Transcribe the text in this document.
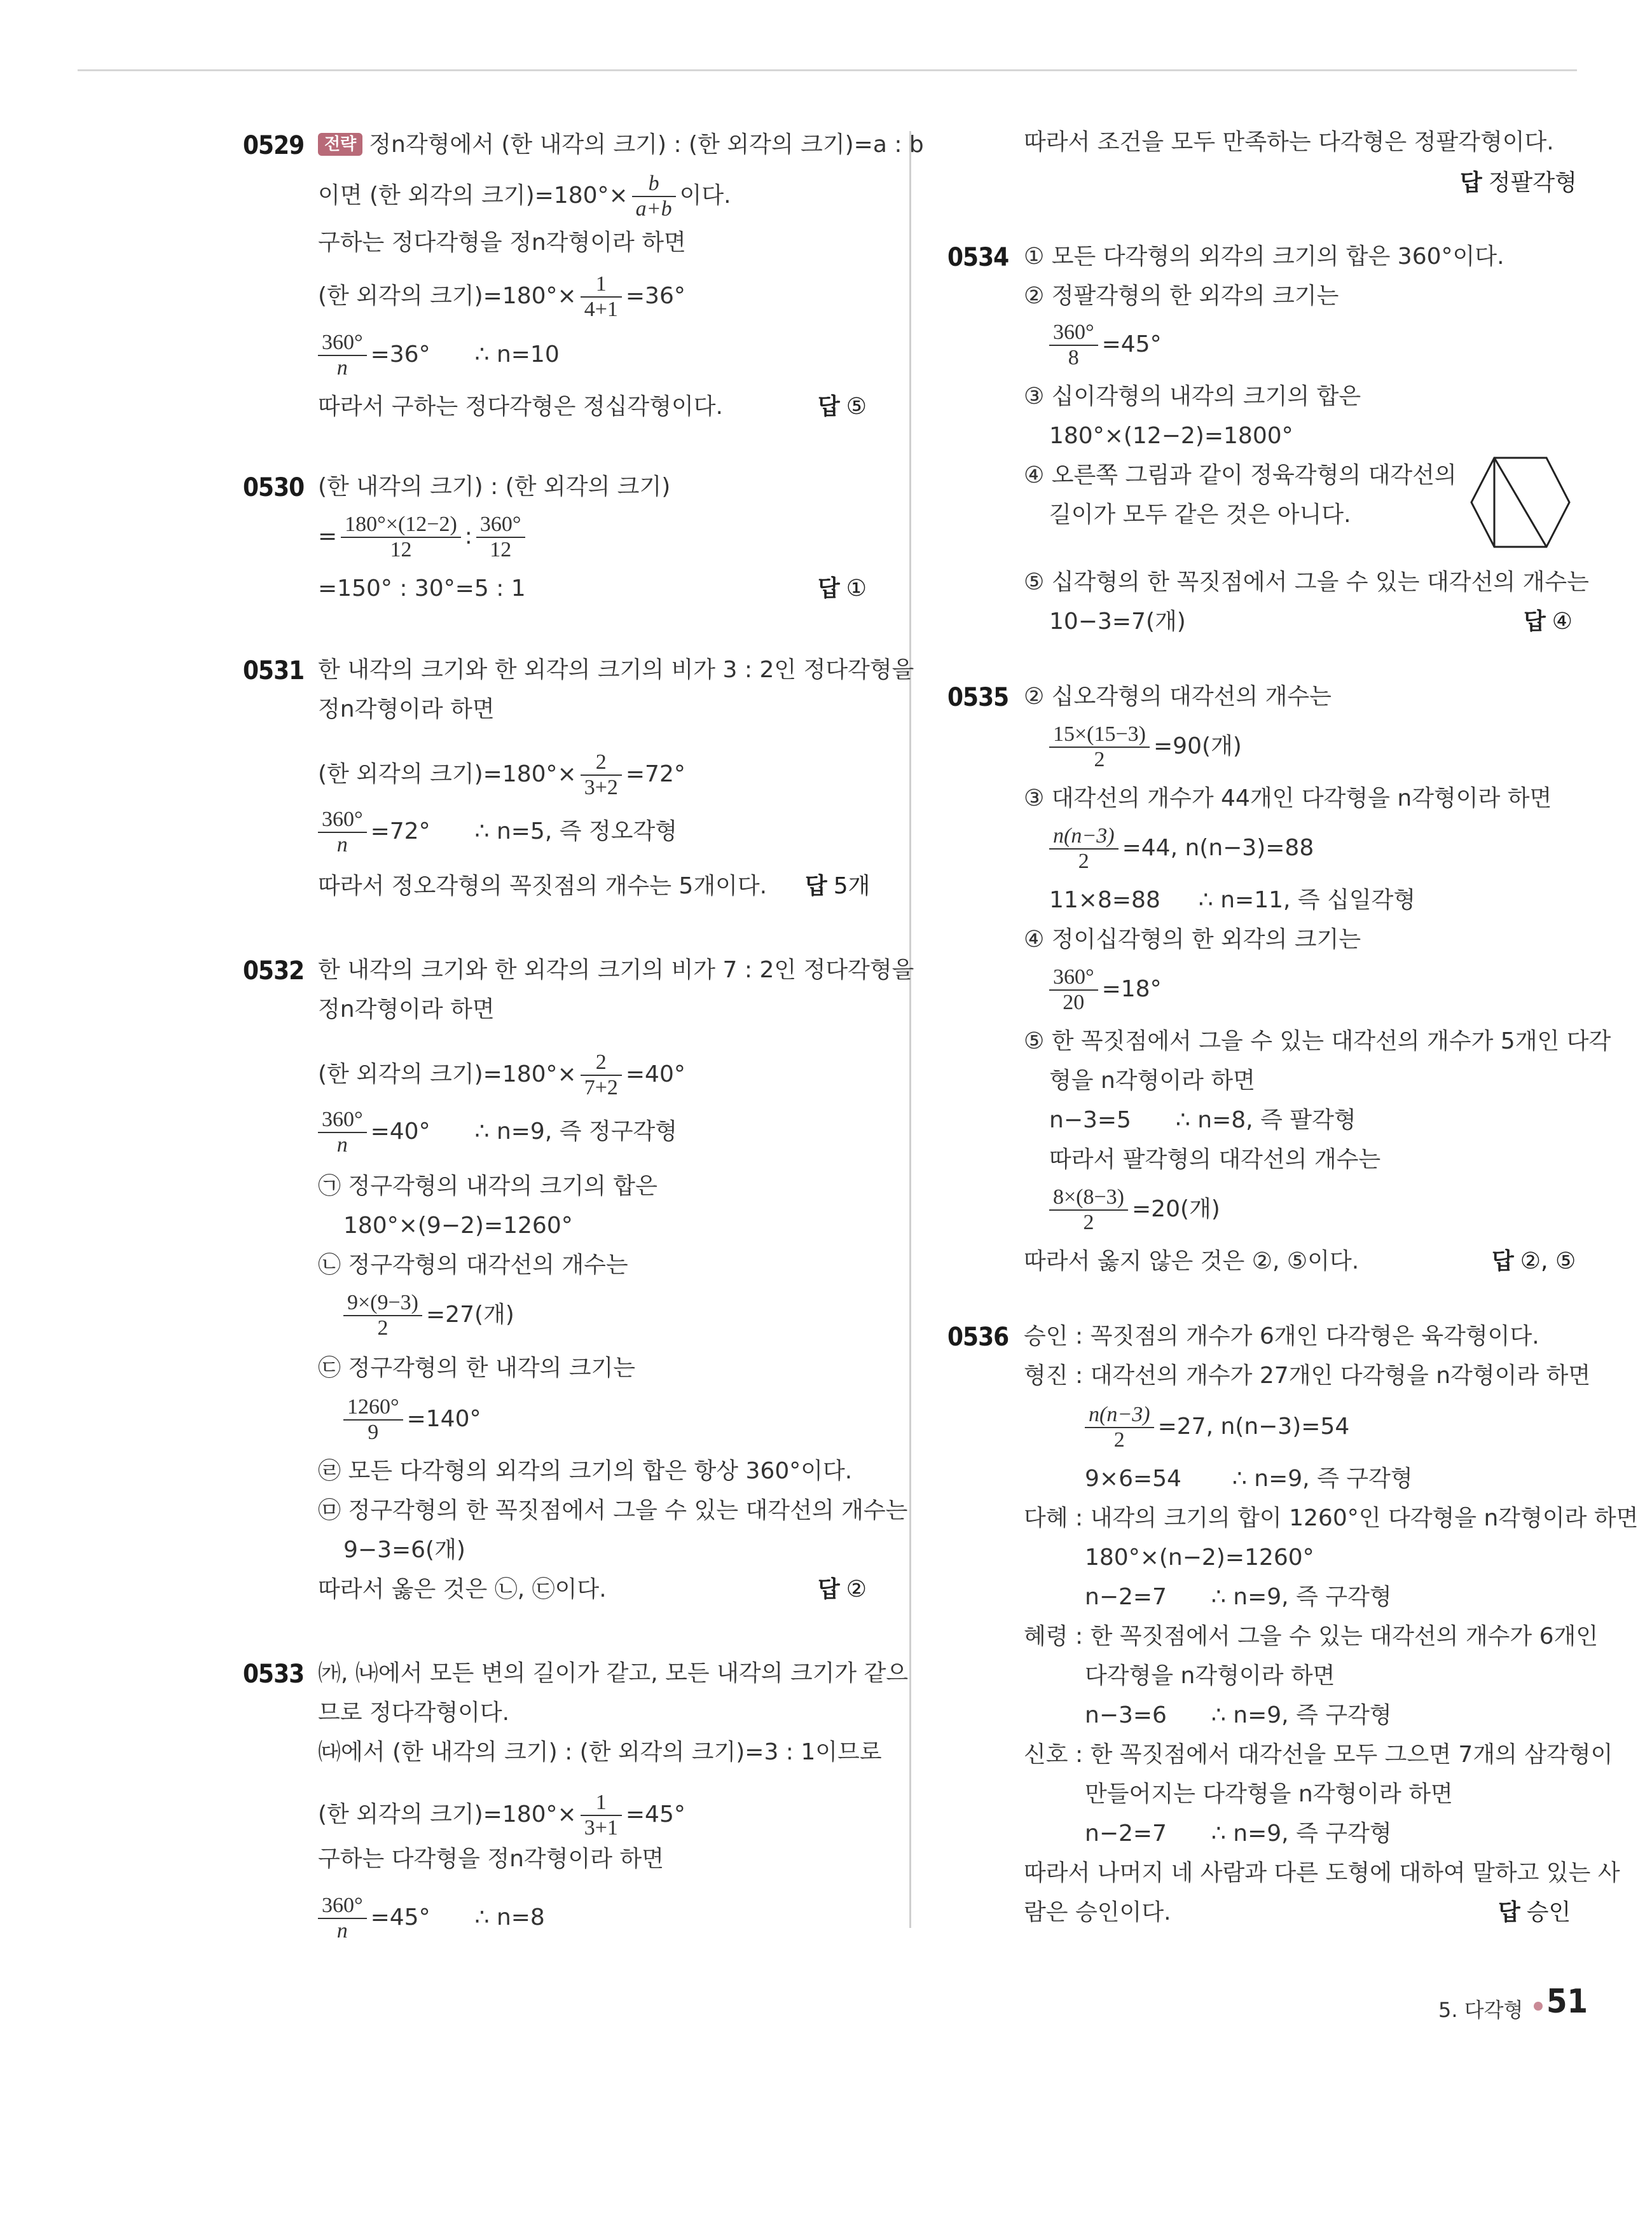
0529	전략 정n각형에서 (한 내각의 크기) : (한 외각의 크기)=a : b
이면 (한 외각의 크기)$=180^\circ\times \frac{b}{a+b}$ 이다.
구하는 정다각형을 정n각형이라 하면
(한 외각의 크기)$=180^\circ\times \frac{1}{4+1} =36^\circ$
$\frac{360^\circ}{n} =36^\circ$ ∴ n=10
따라서 구하는 정다각형은 정십각형이다.	답 ⑤
0530 (한 내각의 크기) : (한 외각의 크기)
= $\frac{180^\circ\times(12-2)}{12}$ : $\frac{360^\circ}{12}$
=150° : 30°=5 : 1	답 ①
0531 한 내각의 크기와 한 외각의 크기의 비가 3 : 2인 정다각형을
정n각형이라 하면
(한 외각의 크기)$=180^\circ\times \frac{2}{3+2} =72^\circ$
$\frac{360^\circ}{n} =72^\circ$ ∴ n=5, 즉 정오각형
따라서 정오각형의 꼭짓점의 개수는 5개이다. 답 5개
0532 한 내각의 크기와 한 외각의 크기의 비가 7 : 2인 정다각형을
정n각형이라 하면
(한 외각의 크기)$=180^\circ\times \frac{2}{7+2} =40^\circ$
$\frac{360^\circ}{n} =40^\circ$ ∴ n=9, 즉 정구각형
㉠ 정구각형의 내각의 크기의 합은
180°×(9−2)=1260°
㉡ 정구각형의 대각선의 개수는
$\frac{9\times(9-3)}{2} =27$(개)
㉢ 정구각형의 한 내각의 크기는
$\frac{1260^\circ}{9} =140^\circ$
㉣ 모든 다각형의 외각의 크기의 합은 항상 360°이다.
㉤ 정구각형의 한 꼭짓점에서 그을 수 있는 대각선의 개수는
9−3=6(개)
따라서 옳은 것은 ㉡, ㉢이다.	답 ②
0533 ㈎, ㈏에서 모든 변의 길이가 같고, 모든 내각의 크기가 같으
므로 정다각형이다.
㈐에서 (한 내각의 크기) : (한 외각의 크기)=3 : 1이므로
(한 외각의 크기)$=180^\circ\times \frac{1}{3+1} =45^\circ$
구하는 다각형을 정n각형이라 하면
$\frac{360^\circ}{n} =45^\circ$ ∴ n=8
따라서 조건을 모두 만족하는 다각형은 정팔각형이다.
답 정팔각형
0534 ① 모든 다각형의 외각의 크기의 합은 360°이다.
② 정팔각형의 한 외각의 크기는
$\frac{360^\circ}{8} =45^\circ$
③ 십이각형의 내각의 크기의 합은
180°×(12−2)=1800°
④ 오른쪽 그림과 같이 정육각형의 대각선의
길이가 모두 같은 것은 아니다.
⑤ 십각형의 한 꼭짓점에서 그을 수 있는 대각선의 개수는
10−3=7(개)	답 ④
0535 ② 십오각형의 대각선의 개수는
$\frac{15\times(15-3)}{2} =90$(개)
③ 대각선의 개수가 44개인 다각형을 n각형이라 하면
$\frac{n(n-3)}{2} =44$, n(n−3)=88
11×8=88 ∴ n=11, 즉 십일각형
④ 정이십각형의 한 외각의 크기는
$\frac{360^\circ}{20} =18^\circ$
⑤ 한 꼭짓점에서 그을 수 있는 대각선의 개수가 5개인 다각
형을 n각형이라 하면
n−3=5 ∴ n=8, 즉 팔각형
따라서 팔각형의 대각선의 개수는
$\frac{8\times(8-3)}{2} =20$(개)
따라서 옳지 않은 것은 ②, ⑤이다.	답 ②, ⑤
0536 승인 : 꼭짓점의 개수가 6개인 다각형은 육각형이다.
형진 : 대각선의 개수가 27개인 다각형을 n각형이라 하면
$\frac{n(n-3)}{2} =27$, n(n−3)=54
9×6=54 ∴ n=9, 즉 구각형
다혜 : 내각의 크기의 합이 1260°인 다각형을 n각형이라 하면
180°×(n−2)=1260°
n−2=7 ∴ n=9, 즉 구각형
혜령 : 한 꼭짓점에서 그을 수 있는 대각선의 개수가 6개인
다각형을 n각형이라 하면
n−3=6 ∴ n=9, 즉 구각형
신호 : 한 꼭짓점에서 대각선을 모두 그으면 7개의 삼각형이
만들어지는 다각형을 n각형이라 하면
n−2=7 ∴ n=9, 즉 구각형
따라서 나머지 네 사람과 다른 도형에 대하여 말하고 있는 사
람은 승인이다.	답 승인
5. 다각형 51
